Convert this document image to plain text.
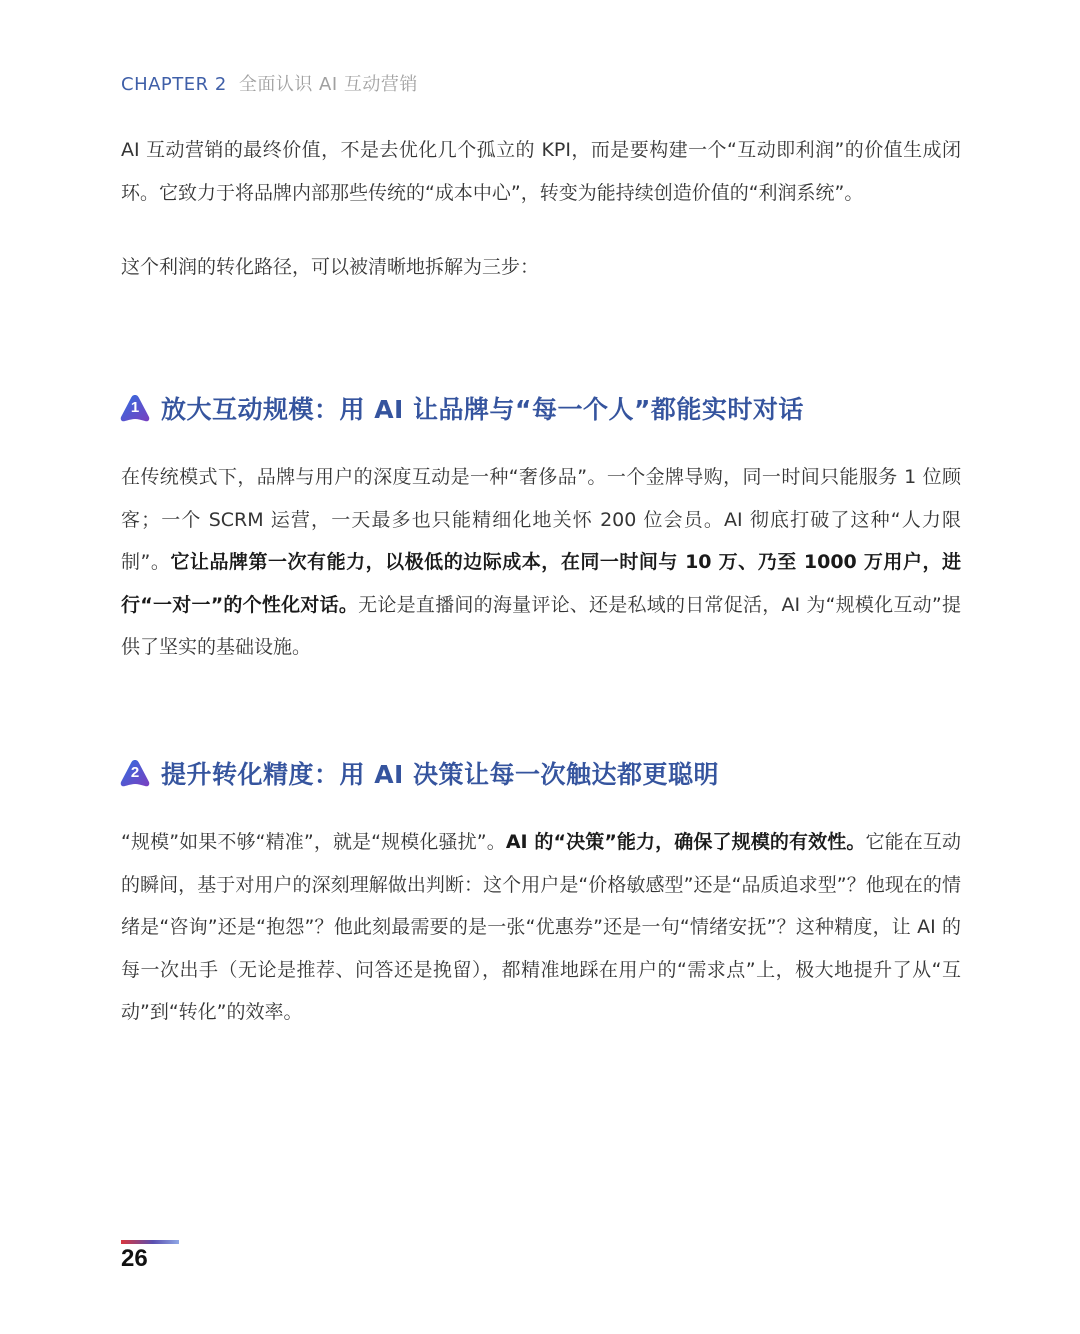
CHAPTER 2 全面认识 AI 互动营销

AI 互动营销的最终价值，不是去优化几个孤立的 KPI，而是要构建一个“互动即利润”的价值生成闭环。它致力于将品牌内部那些传统的“成本中心”，转变为能持续创造价值的“利润系统”。

这个利润的转化路径，可以被清晰地拆解为三步：

1 放大互动规模：用 AI 让品牌与“每一个人”都能实时对话

在传统模式下，品牌与用户的深度互动是一种“奢侈品”。一个金牌导购，同一时间只能服务 1 位顾客；一个 SCRM 运营，一天最多也只能精细化地关怀 200 位会员。AI 彻底打破了这种“人力限制”。它让品牌第一次有能力，以极低的边际成本，在同一时间与 10 万、乃至 1000 万用户，进行“一对一”的个性化对话。无论是直播间的海量评论、还是私域的日常促活，AI 为“规模化互动”提供了坚实的基础设施。

2 提升转化精度：用 AI 决策让每一次触达都更聪明

“规模”如果不够“精准”，就是“规模化骚扰”。AI 的“决策”能力，确保了规模的有效性。它能在互动的瞬间，基于对用户的深刻理解做出判断：这个用户是“价格敏感型”还是“品质追求型”？他现在的情绪是“咨询”还是“抱怨”？他此刻最需要的是一张“优惠券”还是一句“情绪安抚”？这种精度，让 AI 的每一次出手（无论是推荐、问答还是挽留），都精准地踩在用户的“需求点”上，极大地提升了从“互动”到“转化”的效率。

26
